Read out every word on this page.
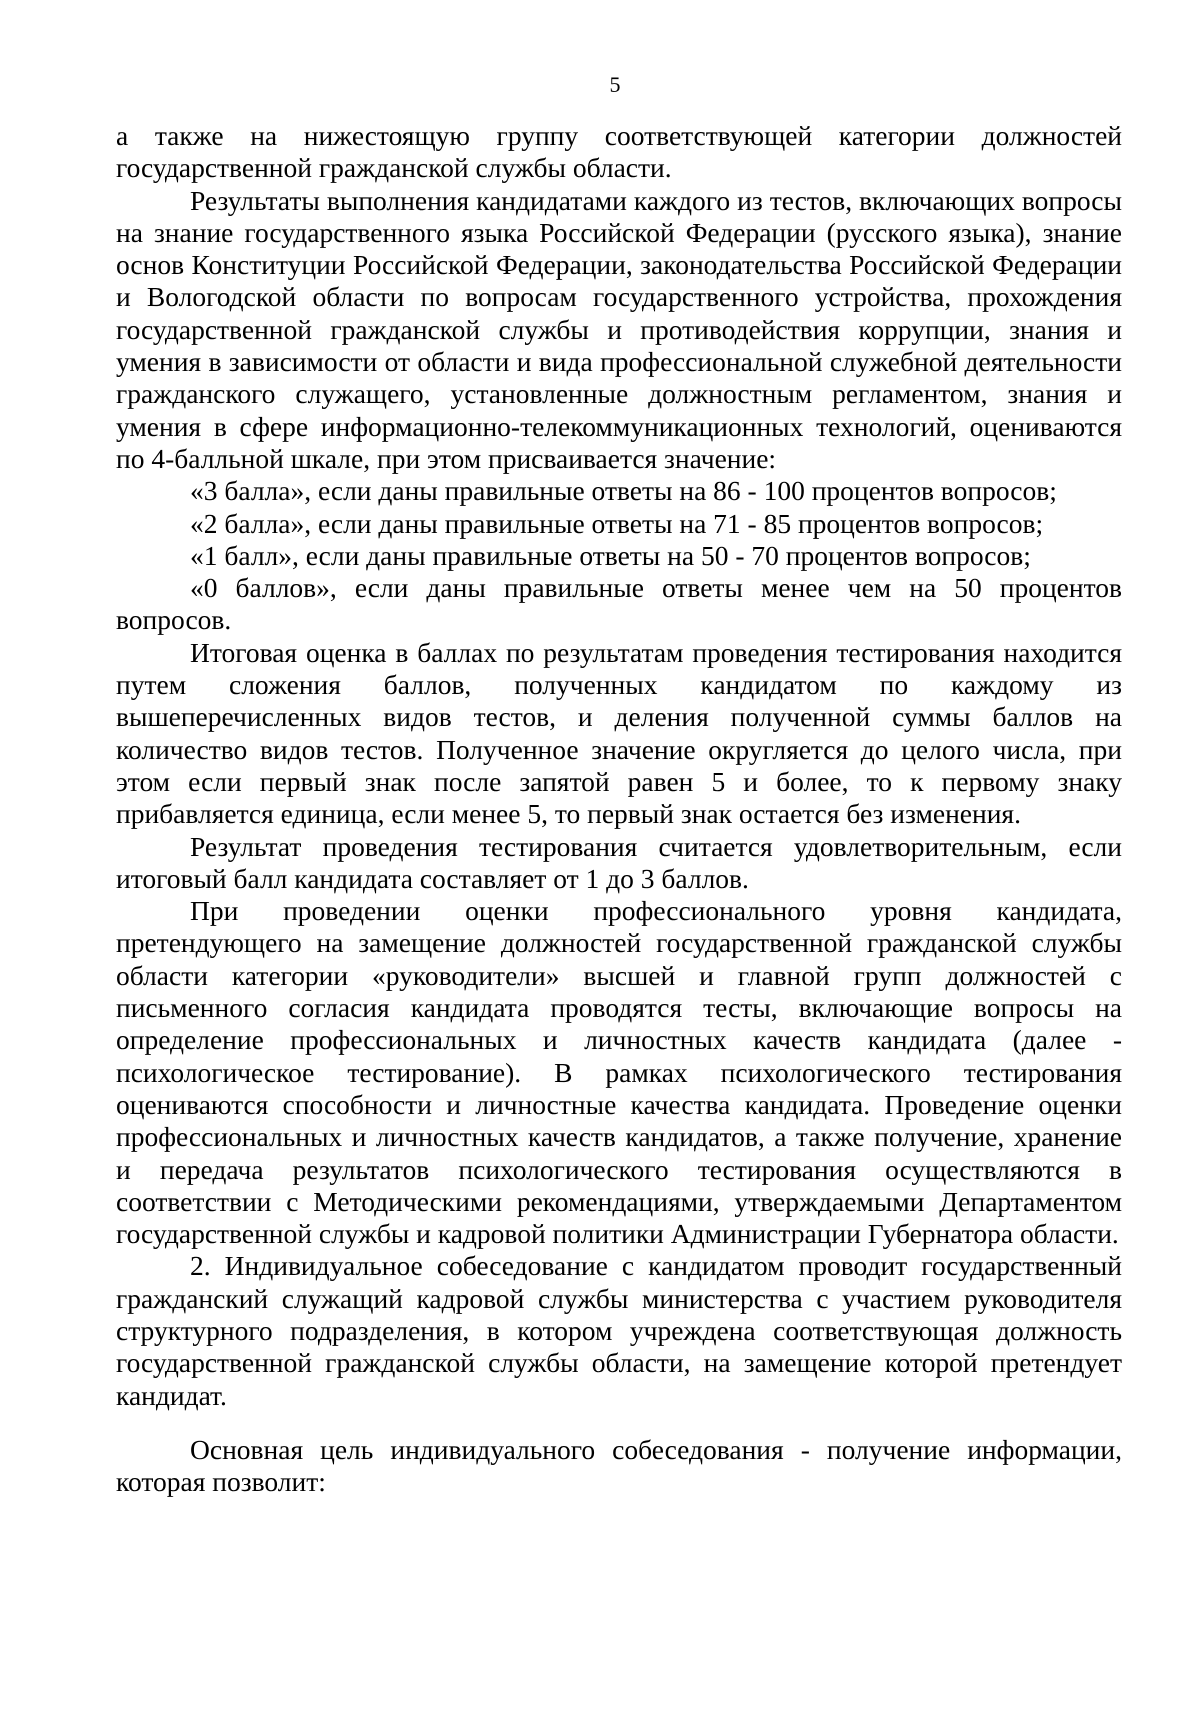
5

а также на нижестоящую группу соответствующей категории должностей государственной гражданской службы области.

Результаты выполнения кандидатами каждого из тестов, включающих вопросы на знание государственного языка Российской Федерации (русского языка), знание основ Конституции Российской Федерации, законодательства Российской Федерации и Вологодской области по вопросам государственного устройства, прохождения государственной гражданской службы и противодействия коррупции, знания и умения в зависимости от области и вида профессиональной служебной деятельности гражданского служащего, установленные должностным регламентом, знания и умения в сфере информационно-телекоммуникационных технологий, оцениваются по 4-балльной шкале, при этом присваивается значение:

«3 балла», если даны правильные ответы на 86 - 100 процентов вопросов;

«2 балла», если даны правильные ответы на 71 - 85 процентов вопросов;

«1 балл», если даны правильные ответы на 50 - 70 процентов вопросов;

«0 баллов», если даны правильные ответы менее чем на 50 процентов вопросов.

Итоговая оценка в баллах по результатам проведения тестирования находится путем сложения баллов, полученных кандидатом по каждому из вышеперечисленных видов тестов, и деления полученной суммы баллов на количество видов тестов. Полученное значение округляется до целого числа, при этом если первый знак после запятой равен 5 и более, то к первому знаку прибавляется единица, если менее 5, то первый знак остается без изменения.

Результат проведения тестирования считается удовлетворительным, если итоговый балл кандидата составляет от 1 до 3 баллов.

При проведении оценки профессионального уровня кандидата, претендующего на замещение должностей государственной гражданской службы области категории «руководители» высшей и главной групп должностей с письменного согласия кандидата проводятся тесты, включающие вопросы на определение профессиональных и личностных качеств кандидата (далее - психологическое тестирование). В рамках психологического тестирования оцениваются способности и личностные качества кандидата. Проведение оценки профессиональных и личностных качеств кандидатов, а также получение, хранение и передача результатов психологического тестирования осуществляются в соответствии с Методическими рекомендациями, утверждаемыми Департаментом государственной службы и кадровой политики Администрации Губернатора области.

2. Индивидуальное собеседование с кандидатом проводит государственный гражданский служащий кадровой службы министерства с участием руководителя структурного подразделения, в котором учреждена соответствующая должность государственной гражданской службы области, на замещение которой претендует кандидат.

Основная цель индивидуального собеседования - получение информации, которая позволит:
